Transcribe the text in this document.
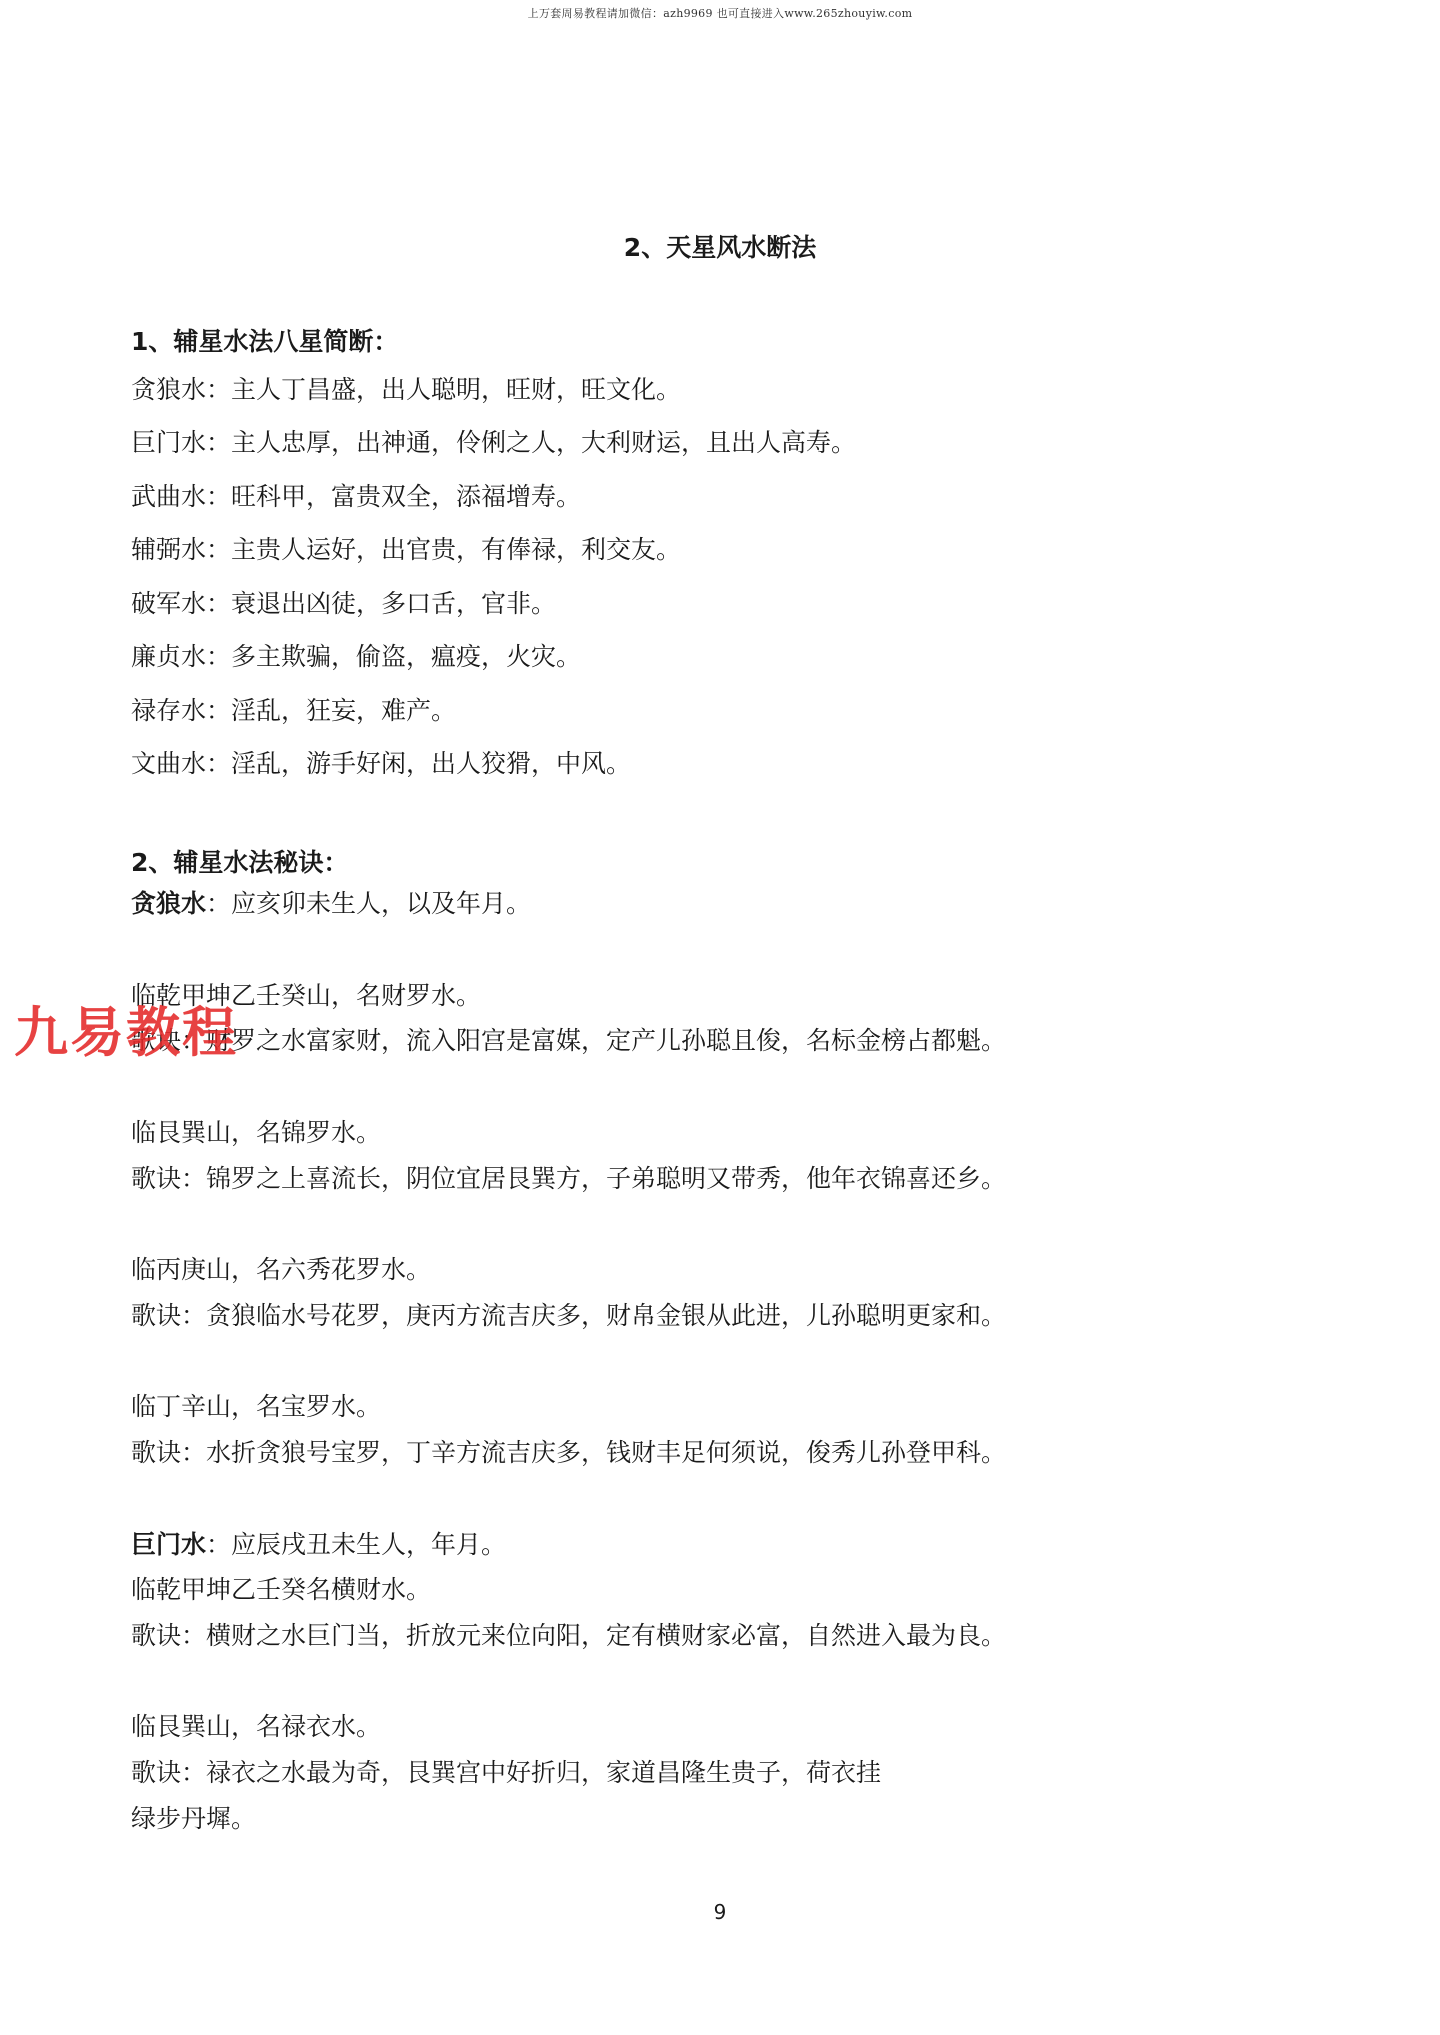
上万套周易教程请加微信：azh9969 也可直接进入www.265zhouyiw.com
2、天星风水断法
1、辅星水法八星简断：
贪狼水：主人丁昌盛，出人聪明，旺财，旺文化。
巨门水：主人忠厚，出神通，伶俐之人，大利财运，且出人高寿。
武曲水：旺科甲，富贵双全，添福增寿。
辅弼水：主贵人运好，出官贵，有俸禄，利交友。
破军水：衰退出凶徒，多口舌，官非。
廉贞水：多主欺骗，偷盗，瘟疫，火灾。
禄存水：淫乱，狂妄，难产。
文曲水：淫乱，游手好闲，出人狡猾，中风。
2、辅星水法秘诀：
贪狼水：应亥卯未生人，以及年月。
临乾甲坤乙壬癸山，名财罗水。
歌诀：财罗之水富家财，流入阳宫是富媒，定产儿孙聪且俊，名标金榜占都魁。
临艮巽山，名锦罗水。
歌诀：锦罗之上喜流长，阴位宜居艮巽方，子弟聪明又带秀，他年衣锦喜还乡。
临丙庚山，名六秀花罗水。
歌诀：贪狼临水号花罗，庚丙方流吉庆多，财帛金银从此进，儿孙聪明更家和。
临丁辛山，名宝罗水。
歌诀：水折贪狼号宝罗，丁辛方流吉庆多，钱财丰足何须说，俊秀儿孙登甲科。
巨门水：应辰戌丑未生人，年月。
临乾甲坤乙壬癸名横财水。
歌诀：横财之水巨门当，折放元来位向阳，定有横财家必富，自然进入最为良。
临艮巽山，名禄衣水。
歌诀：禄衣之水最为奇，艮巽宫中好折归，家道昌隆生贵子，荷衣挂
绿步丹墀。
九易教程
9
